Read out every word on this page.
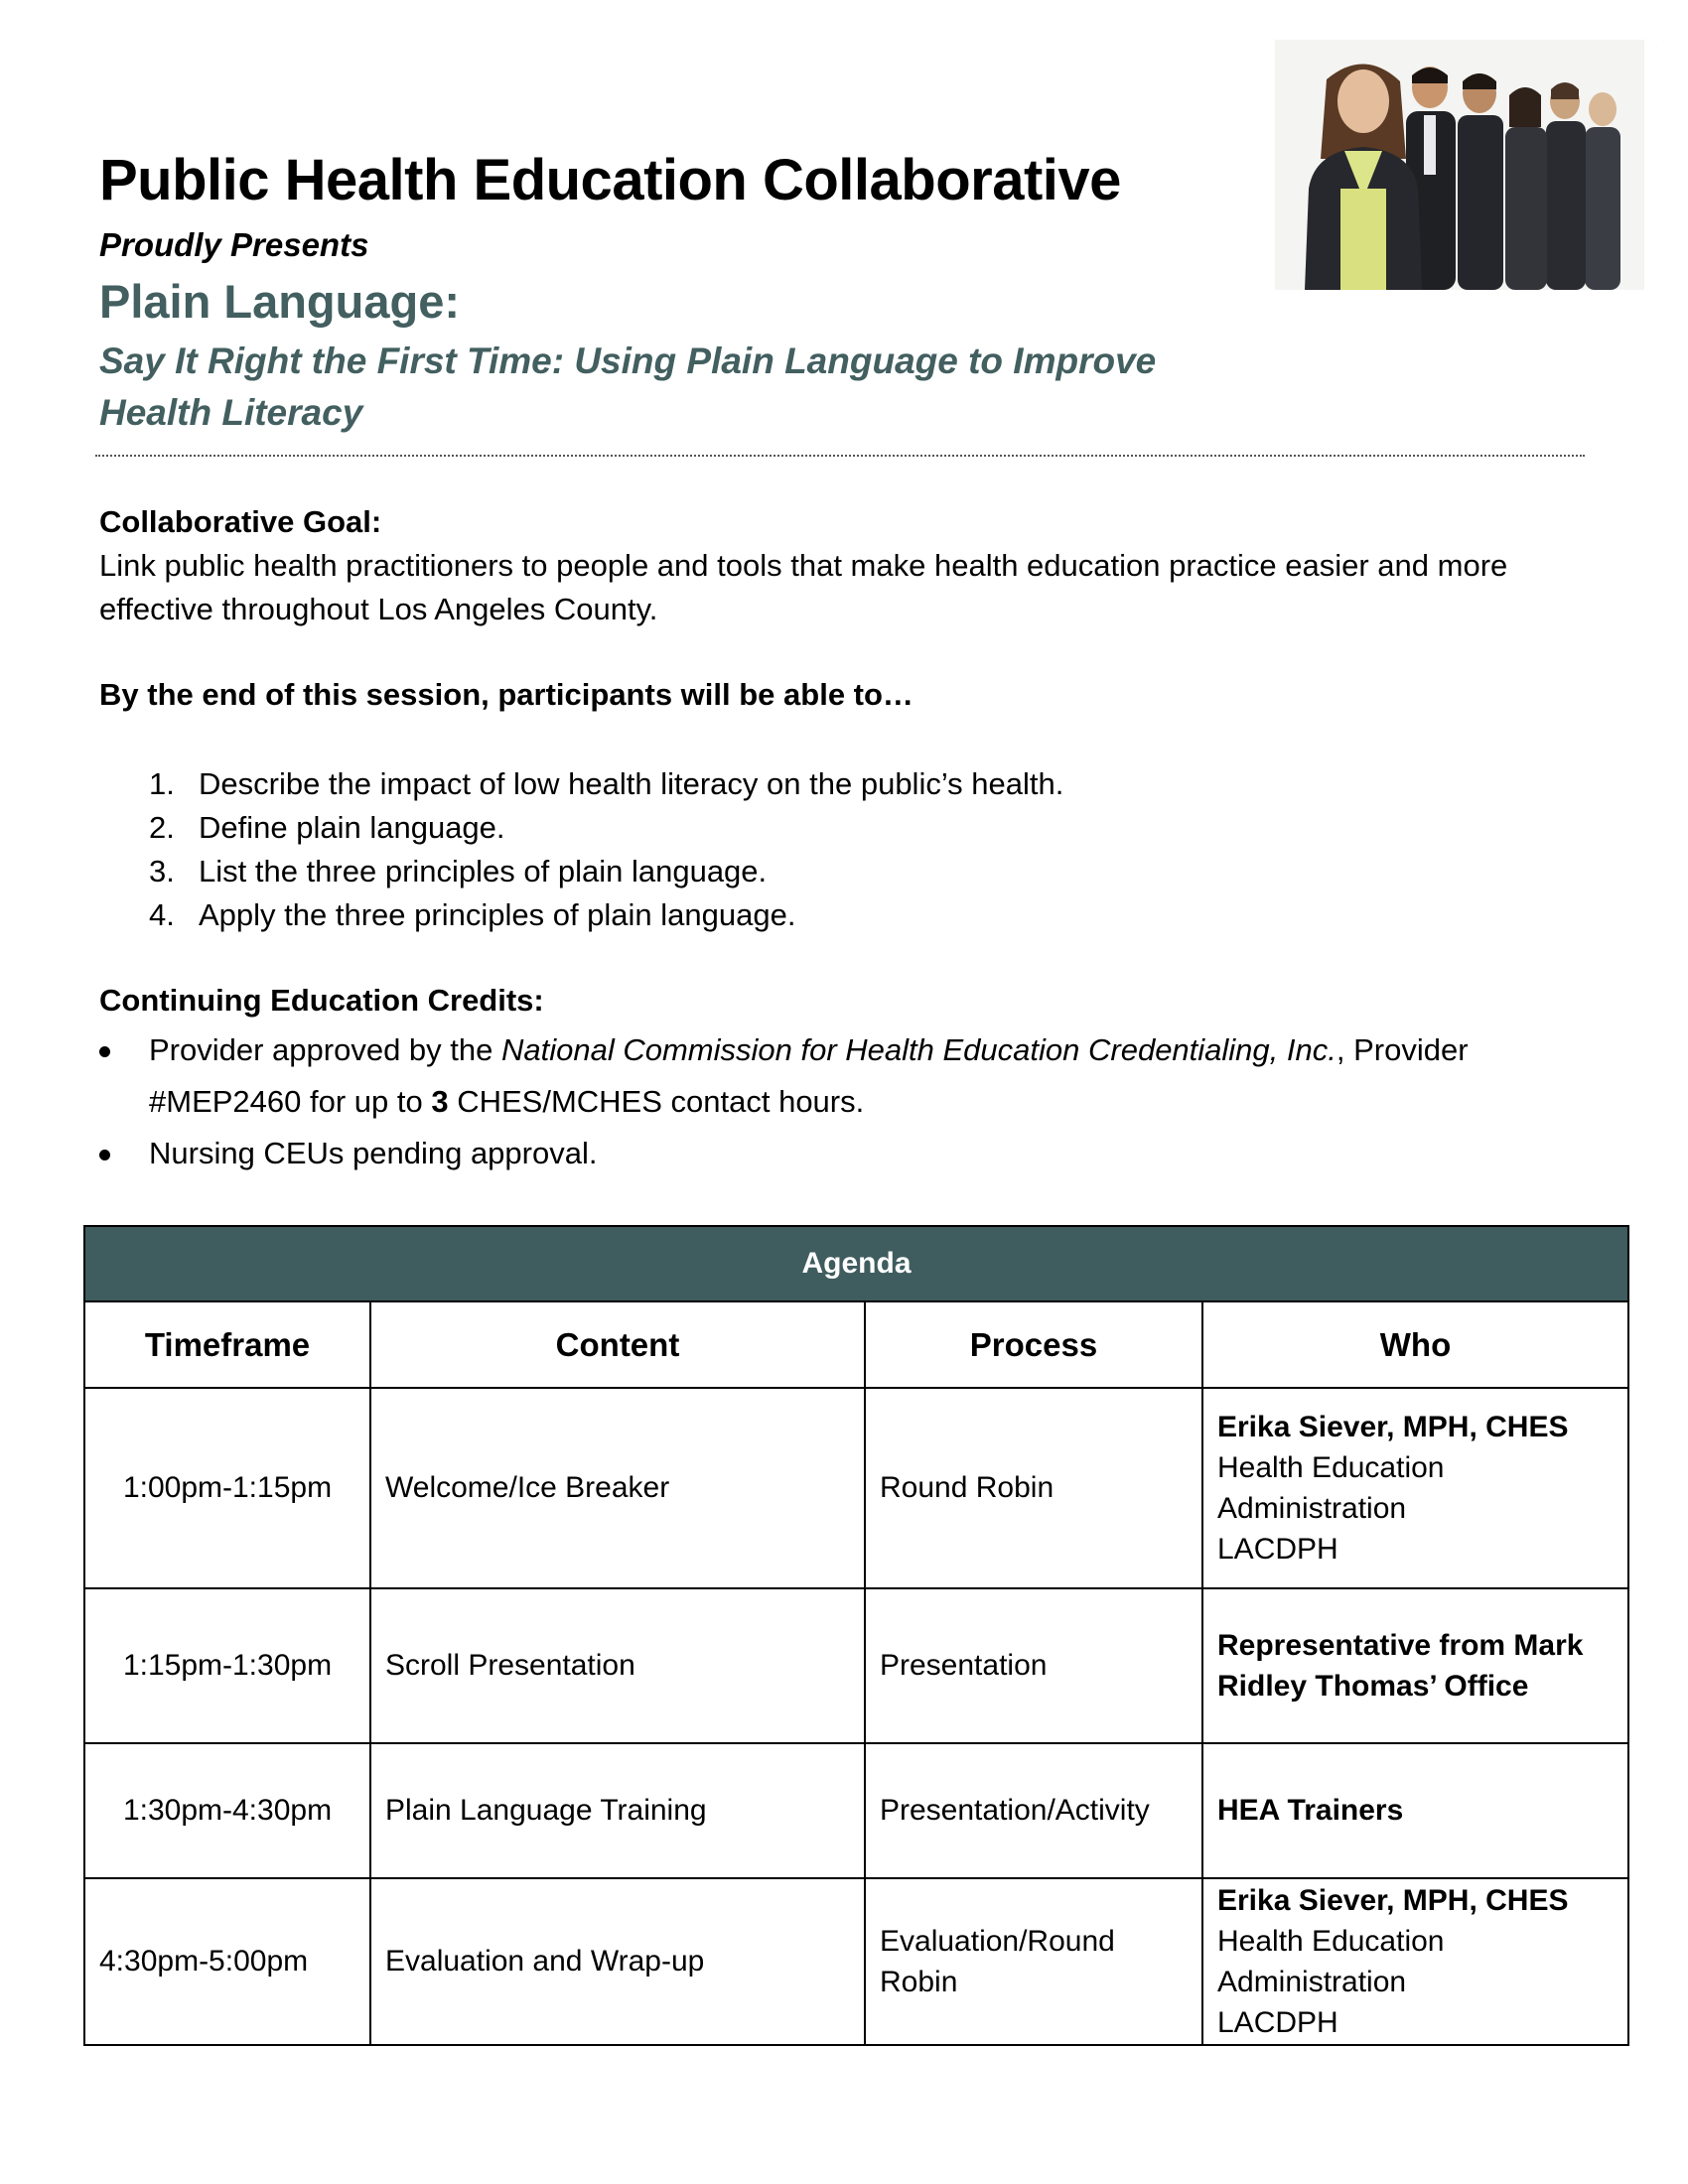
Public Health Education Collaborative
Proudly Presents
Plain Language:
Say It Right the First Time: Using Plain Language to Improve Health Literacy
Collaborative Goal:
Link public health practitioners to people and tools that make health education practice easier and more effective throughout Los Angeles County.
By the end of this session, participants will be able to…
1. Describe the impact of low health literacy on the public’s health.
2. Define plain language.
3. List the three principles of plain language.
4. Apply the three principles of plain language.
Continuing Education Credits:
Provider approved by the National Commission for Health Education Credentialing, Inc., Provider #MEP2460 for up to 3 CHES/MCHES contact hours.
Nursing CEUs pending approval.
Agenda			
Timeframe	Content	Process	Who
1:00pm-1:15pm	Welcome/Ice Breaker	Round Robin	Erika Siever, MPH, CHES
Health Education
Administration
LACDPH

1:15pm-1:30pm	Scroll Presentation	Presentation	Representative from Mark Ridley Thomas’ Office

1:30pm-4:30pm	Plain Language Training	Presentation/Activity	HEA Trainers

4:30pm-5:00pm	Evaluation and Wrap-up	Evaluation/Round Robin	Erika Siever, MPH, CHES
Health Education
Administration
LACDPH
